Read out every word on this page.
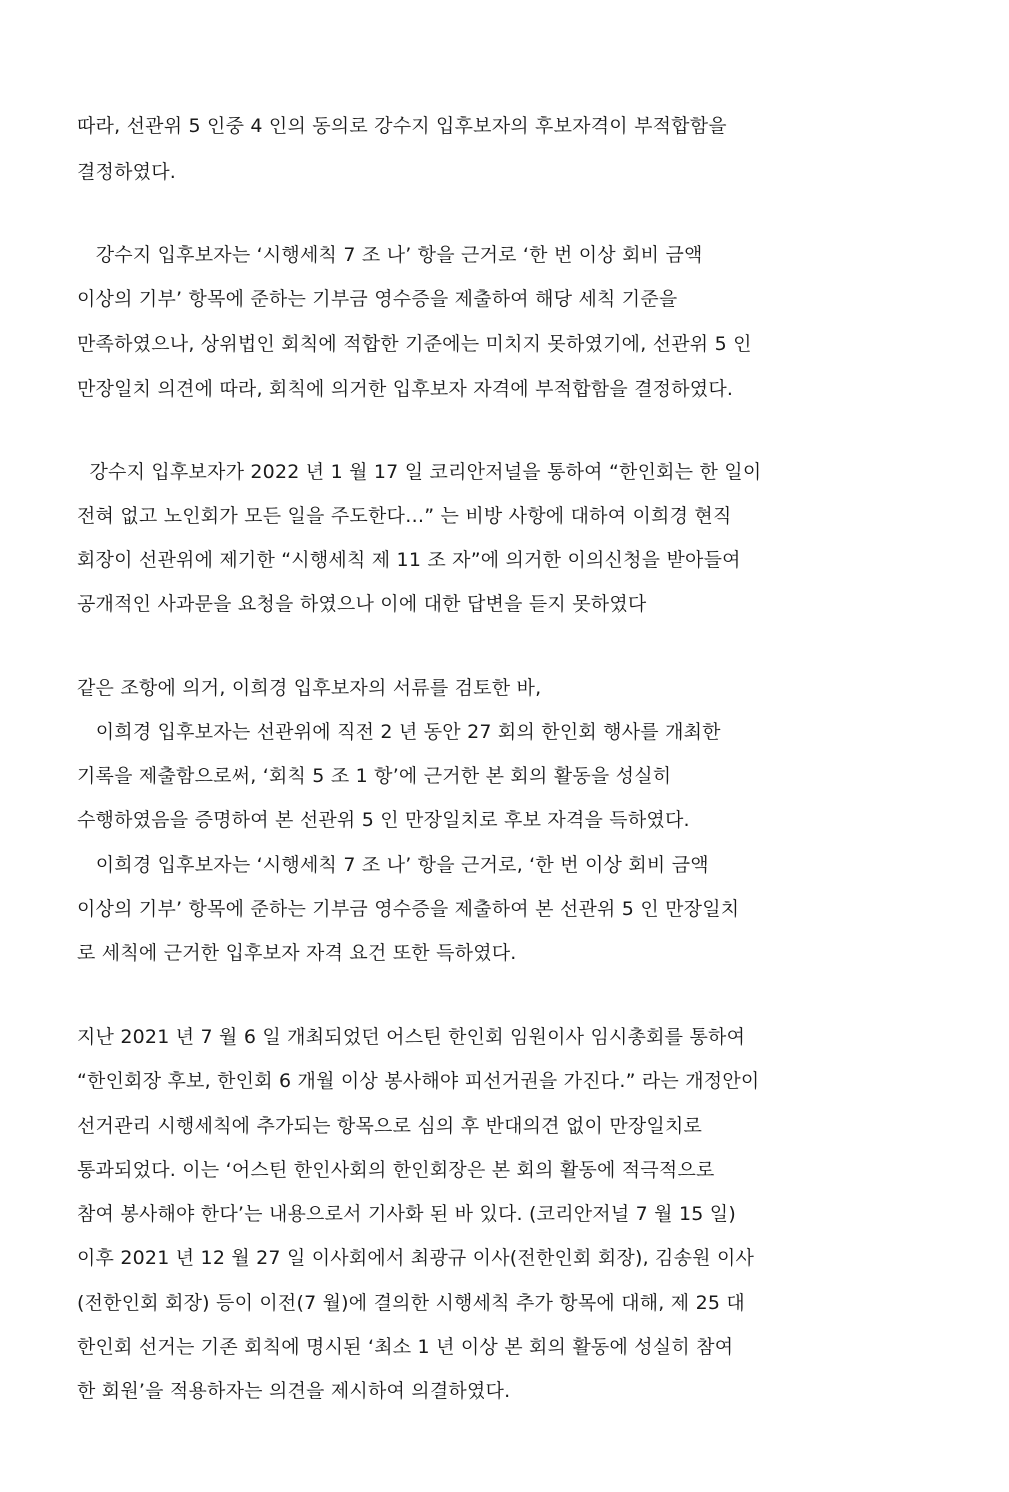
따라, 선관위 5 인중 4 인의 동의로 강수지 입후보자의 후보자격이 부적합함을
결정하였다.
강수지 입후보자는 ‘시행세칙 7 조 나’ 항을 근거로 ‘한 번 이상 회비 금액
이상의 기부’ 항목에 준하는 기부금 영수증을 제출하여 해당 세칙 기준을
만족하였으나, 상위법인 회칙에 적합한 기준에는 미치지 못하였기에, 선관위 5 인
만장일치 의견에 따라, 회칙에 의거한 입후보자 자격에 부적합함을 결정하였다.
강수지 입후보자가 2022 년 1 월 17 일 코리안저널을 통하여 “한인회는 한 일이
전혀 없고 노인회가 모든 일을 주도한다…” 는 비방 사항에 대하여 이희경 현직
회장이 선관위에 제기한 “시행세칙 제 11 조 자”에 의거한 이의신청을 받아들여
공개적인 사과문을 요청을 하였으나 이에 대한 답변을 듣지 못하였다
같은 조항에 의거, 이희경 입후보자의 서류를 검토한 바,
이희경 입후보자는 선관위에 직전 2 년 동안 27 회의 한인회 행사를 개최한
기록을 제출함으로써, ‘회칙 5 조 1 항’에 근거한 본 회의 활동을 성실히
수행하였음을 증명하여 본 선관위 5 인 만장일치로 후보 자격을 득하였다.
이희경 입후보자는 ‘시행세칙 7 조 나’ 항을 근거로, ‘한 번 이상 회비 금액
이상의 기부’ 항목에 준하는 기부금 영수증을 제출하여 본 선관위 5 인 만장일치
로 세칙에 근거한 입후보자 자격 요건 또한 득하였다.
지난 2021 년 7 월 6 일 개최되었던 어스틴 한인회 임원이사 임시총회를 통하여
“한인회장 후보, 한인회 6 개월 이상 봉사해야 피선거권을 가진다.” 라는 개정안이
선거관리 시행세칙에 추가되는 항목으로 심의 후 반대의견 없이 만장일치로
통과되었다. 이는 ‘어스틴 한인사회의 한인회장은 본 회의 활동에 적극적으로
참여 봉사해야 한다’는 내용으로서 기사화 된 바 있다. (코리안저널 7 월 15 일)
이후 2021 년 12 월 27 일 이사회에서 최광규 이사(전한인회 회장), 김송원 이사
(전한인회 회장) 등이 이전(7 월)에 결의한 시행세칙 추가 항목에 대해, 제 25 대
한인회 선거는 기존 회칙에 명시된 ‘최소 1 년 이상 본 회의 활동에 성실히 참여
한 회원’을 적용하자는 의견을 제시하여 의결하였다.
